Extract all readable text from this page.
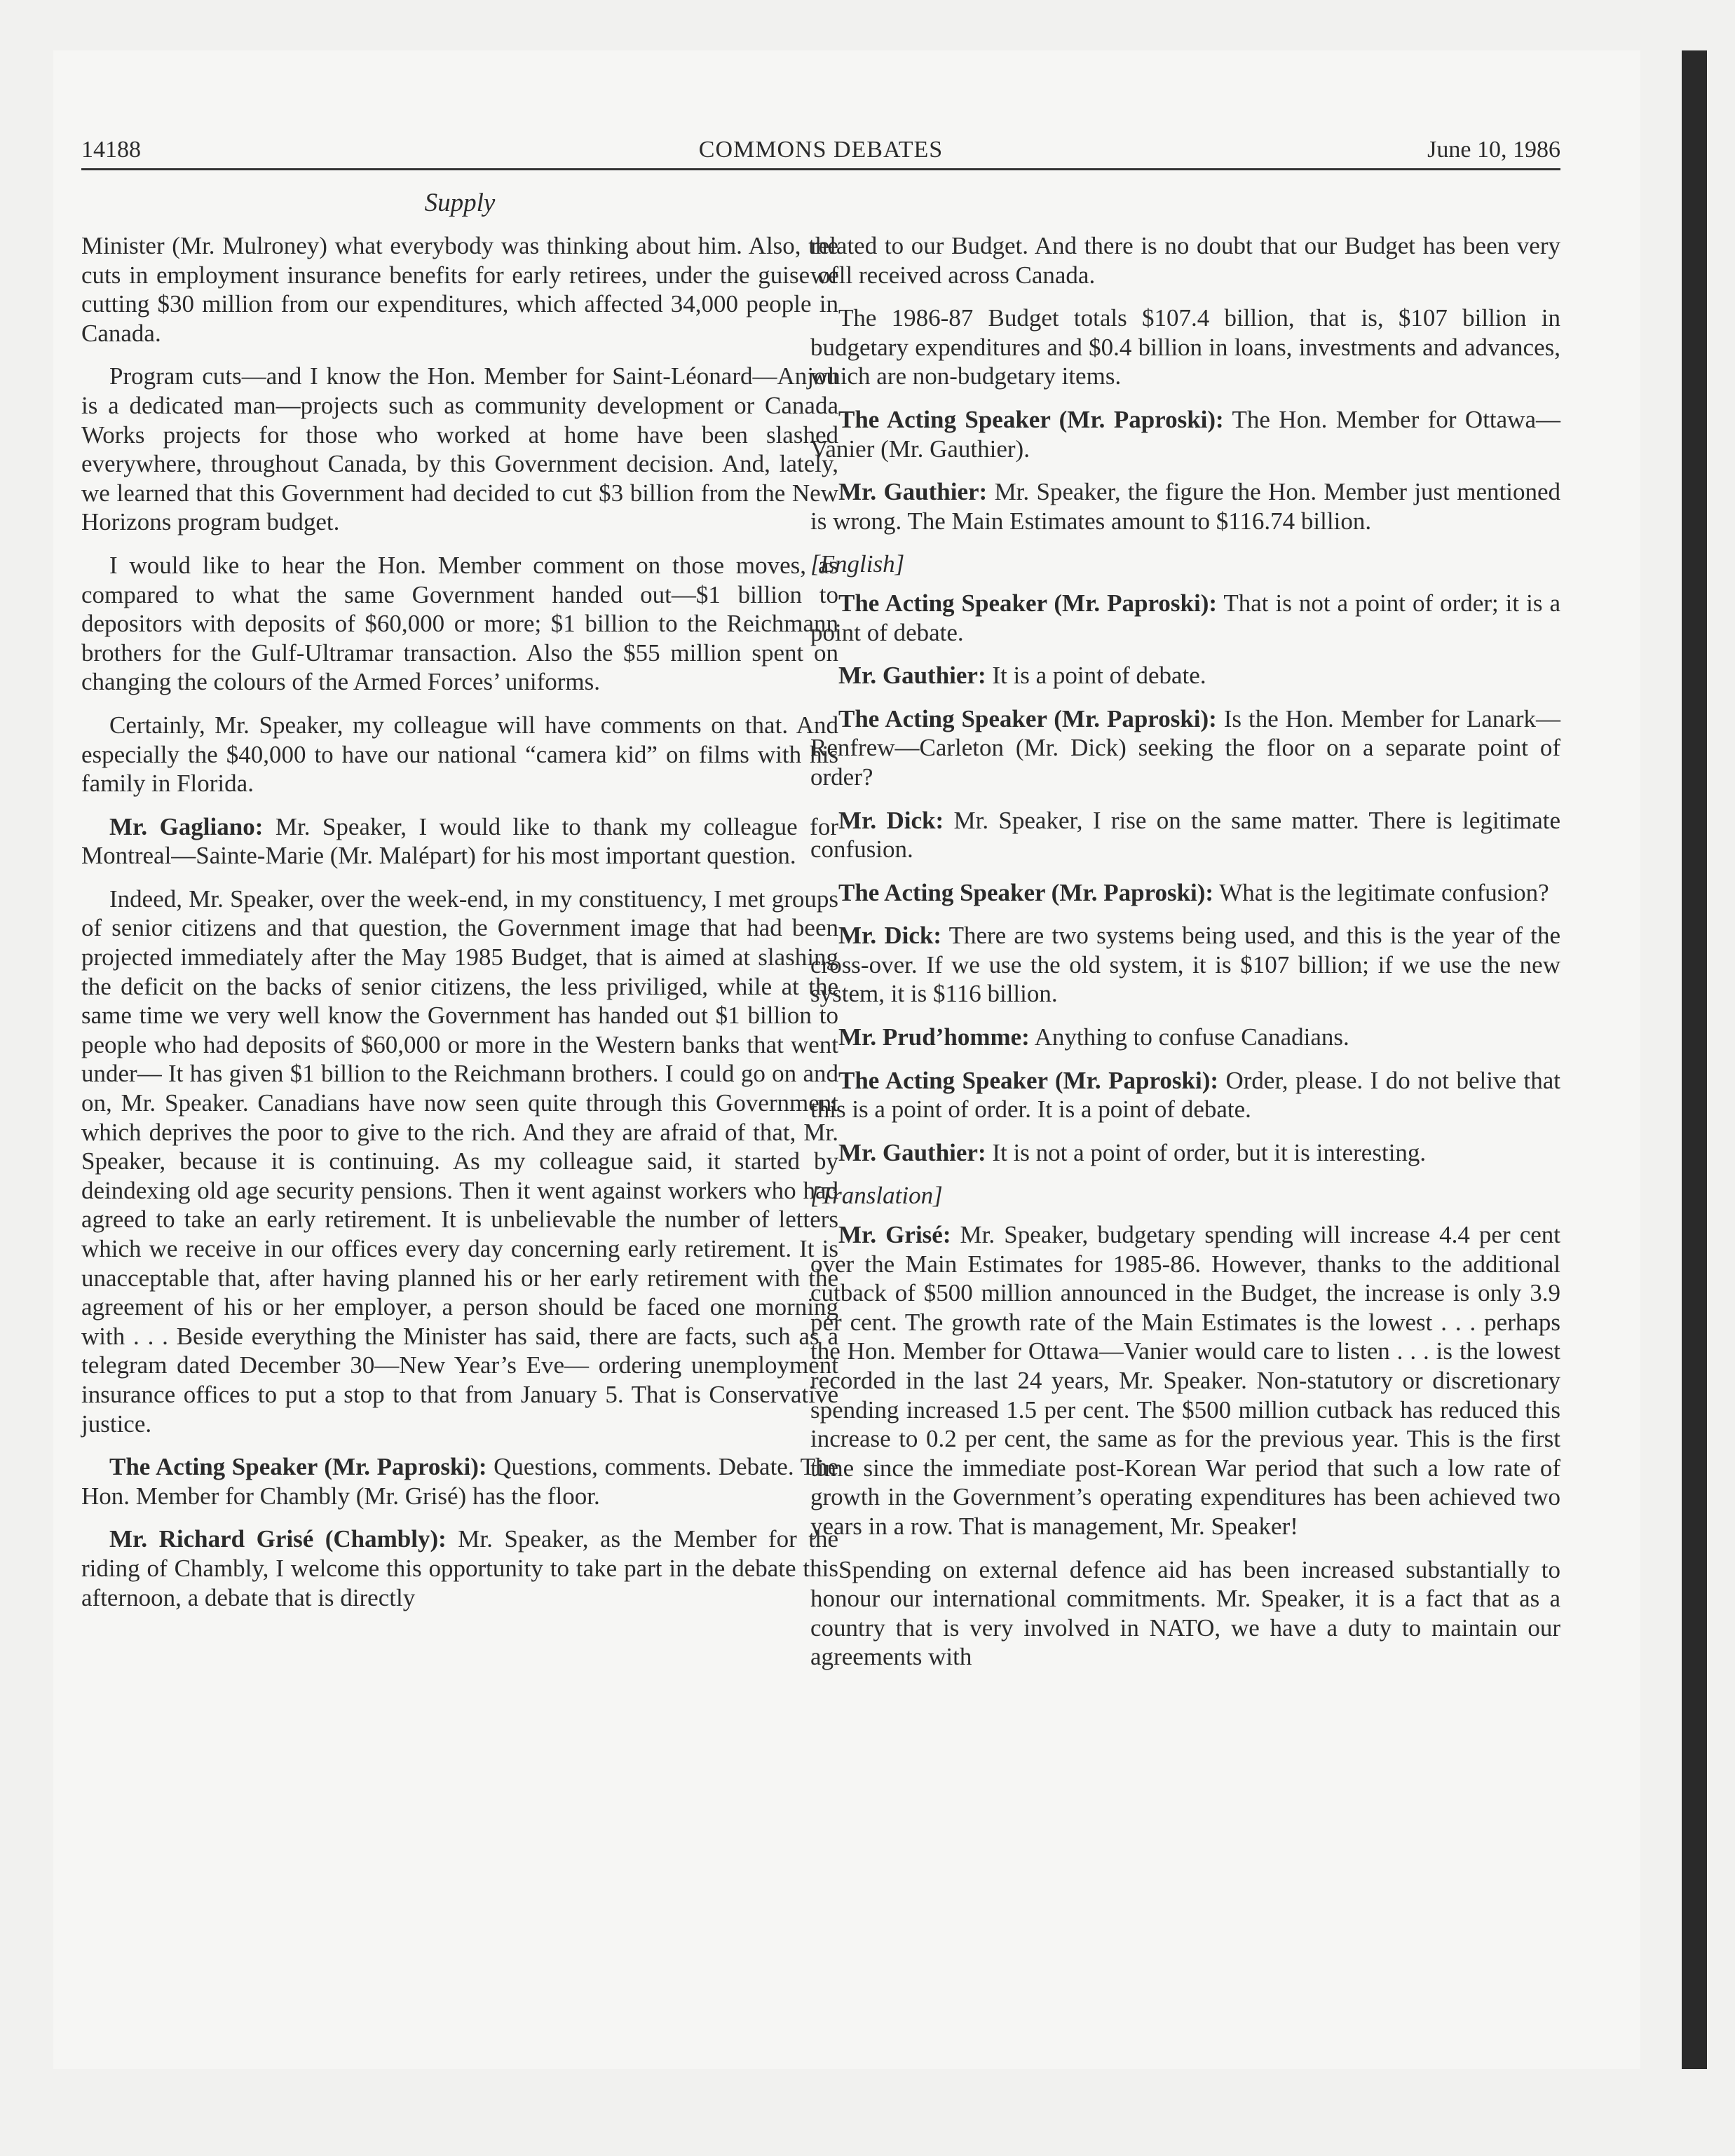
14188	COMMONS DEBATES	June 10, 1986
Supply

Minister (Mr. Mulroney) what everybody was thinking about him. Also, the cuts in employment insurance benefits for early retirees, under the guise of cutting $30 million from our expenditures, which affected 34,000 people in Canada.

Program cuts—and I know the Hon. Member for Saint-Léonard—Anjou is a dedicated man—projects such as community development or Canada Works projects for those who worked at home have been slashed everywhere, throughout Canada, by this Government decision. And, lately, we learned that this Government had decided to cut $3 billion from the New Horizons program budget.

I would like to hear the Hon. Member comment on those moves, as compared to what the same Government handed out—$1 billion to depositors with deposits of $60,000 or more; $1 billion to the Reichmann brothers for the Gulf-Ultramar transaction. Also the $55 million spent on changing the colours of the Armed Forces’ uniforms.

Certainly, Mr. Speaker, my colleague will have comments on that. And especially the $40,000 to have our national “camera kid” on films with his family in Florida.

Mr. Gagliano: Mr. Speaker, I would like to thank my colleague for Montreal—Sainte-Marie (Mr. Malépart) for his most important question.

Indeed, Mr. Speaker, over the week-end, in my constituency, I met groups of senior citizens and that question, the Government image that had been projected immediately after the May 1985 Budget, that is aimed at slashing the deficit on the backs of senior citizens, the less priviliged, while at the same time we very well know the Government has handed out $1 billion to people who had deposits of $60,000 or more in the Western banks that went under— It has given $1 billion to the Reichmann brothers. I could go on and on, Mr. Speaker. Canadians have now seen quite through this Government which deprives the poor to give to the rich. And they are afraid of that, Mr. Speaker, because it is continuing. As my colleague said, it started by deindexing old age security pensions. Then it went against workers who had agreed to take an early retirement. It is unbelievable the number of letters which we receive in our offices every day concerning early retirement. It is unacceptable that, after having planned his or her early retirement with the agreement of his or her employer, a person should be faced one morning with . . . Beside everything the Minister has said, there are facts, such as a telegram dated December 30—New Year’s Eve— ordering unemployment insurance offices to put a stop to that from January 5. That is Conservative justice.

The Acting Speaker (Mr. Paproski): Questions, comments. Debate. The Hon. Member for Chambly (Mr. Grisé) has the floor.

Mr. Richard Grisé (Chambly): Mr. Speaker, as the Member for the riding of Chambly, I welcome this opportunity to take part in the debate this afternoon, a debate that is directly

related to our Budget. And there is no doubt that our Budget has been very well received across Canada.

The 1986-87 Budget totals $107.4 billion, that is, $107 billion in budgetary expenditures and $0.4 billion in loans, investments and advances, which are non-budgetary items.

The Acting Speaker (Mr. Paproski): The Hon. Member for Ottawa—Vanier (Mr. Gauthier).

Mr. Gauthier: Mr. Speaker, the figure the Hon. Member just mentioned is wrong. The Main Estimates amount to $116.74 billion.

[English]

The Acting Speaker (Mr. Paproski): That is not a point of order; it is a point of debate.

Mr. Gauthier: It is a point of debate.

The Acting Speaker (Mr. Paproski): Is the Hon. Member for Lanark—Renfrew—Carleton (Mr. Dick) seeking the floor on a separate point of order?

Mr. Dick: Mr. Speaker, I rise on the same matter. There is legitimate confusion.

The Acting Speaker (Mr. Paproski): What is the legitimate confusion?

Mr. Dick: There are two systems being used, and this is the year of the cross-over. If we use the old system, it is $107 billion; if we use the new system, it is $116 billion.

Mr. Prud’homme: Anything to confuse Canadians.

The Acting Speaker (Mr. Paproski): Order, please. I do not belive that this is a point of order. It is a point of debate.

Mr. Gauthier: It is not a point of order, but it is interesting.

[Translation]

Mr. Grisé: Mr. Speaker, budgetary spending will increase 4.4 per cent over the Main Estimates for 1985-86. However, thanks to the additional cutback of $500 million announced in the Budget, the increase is only 3.9 per cent. The growth rate of the Main Estimates is the lowest . . . perhaps the Hon. Member for Ottawa—Vanier would care to listen . . . is the lowest recorded in the last 24 years, Mr. Speaker. Non-statutory or discretionary spending increased 1.5 per cent. The $500 million cutback has reduced this increase to 0.2 per cent, the same as for the previous year. This is the first time since the immediate post-Korean War period that such a low rate of growth in the Government’s operating expenditures has been achieved two years in a row. That is management, Mr. Speaker!

Spending on external defence aid has been increased substantially to honour our international commitments. Mr. Speaker, it is a fact that as a country that is very involved in NATO, we have a duty to maintain our agreements with
